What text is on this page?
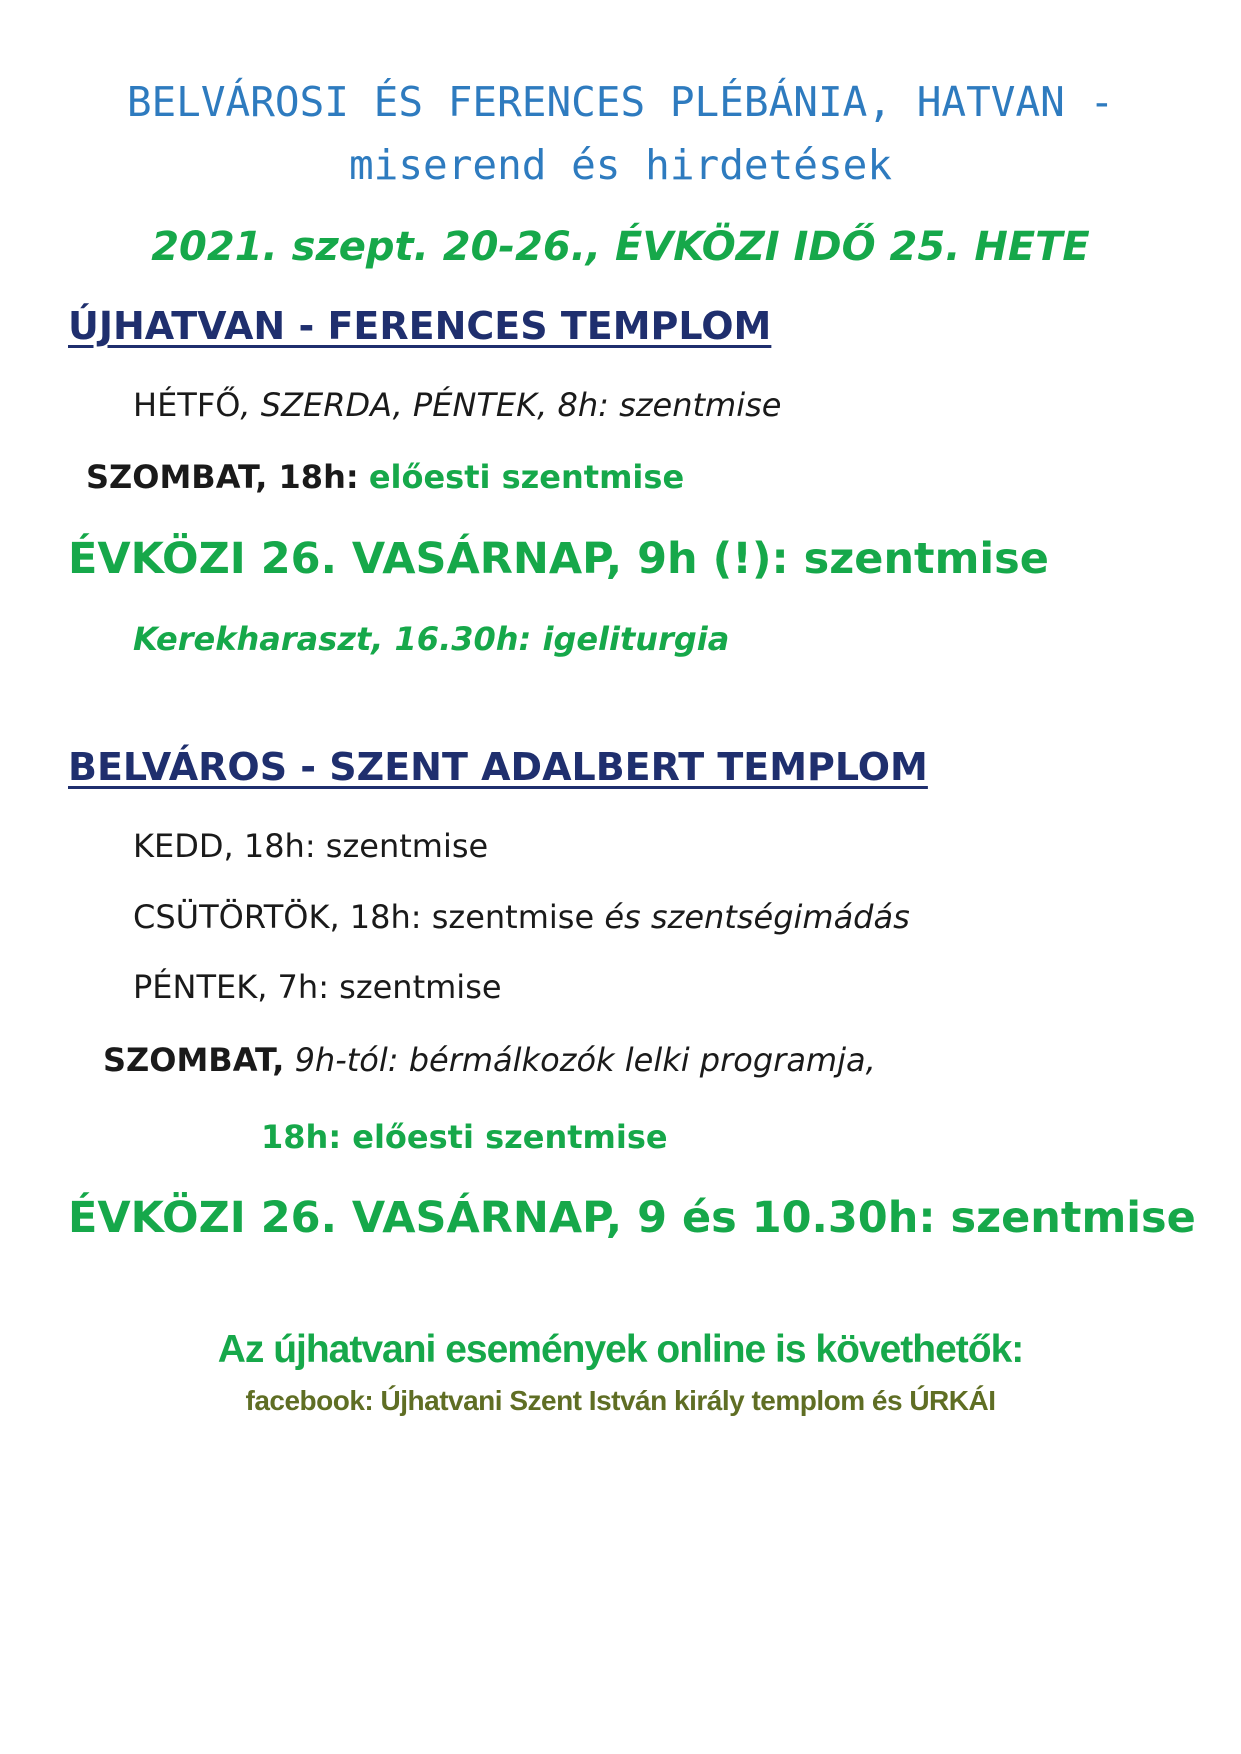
BELVÁROSI ÉS FERENCES PLÉBÁNIA, HATVAN -
miserend és hirdetések
2021. szept. 20-26., ÉVKÖZI IDŐ 25. HETE
ÚJHATVAN - FERENCES TEMPLOM
HÉTFŐ, SZERDA, PÉNTEK, 8h: szentmise
SZOMBAT, 18h: előesti szentmise
ÉVKÖZI 26. VASÁRNAP, 9h (!): szentmise
Kerekharaszt, 16.30h: igeliturgia
BELVÁROS - SZENT ADALBERT TEMPLOM
KEDD, 18h: szentmise
CSÜTÖRTÖK, 18h: szentmise és szentségimádás
PÉNTEK, 7h: szentmise
SZOMBAT, 9h-tól: bérmálkozók lelki programja,
18h: előesti szentmise
ÉVKÖZI 26. VASÁRNAP, 9 és 10.30h: szentmise
Az újhatvani események online is követhetők:
facebook: Újhatvani Szent István király templom és ÚRKÁI
